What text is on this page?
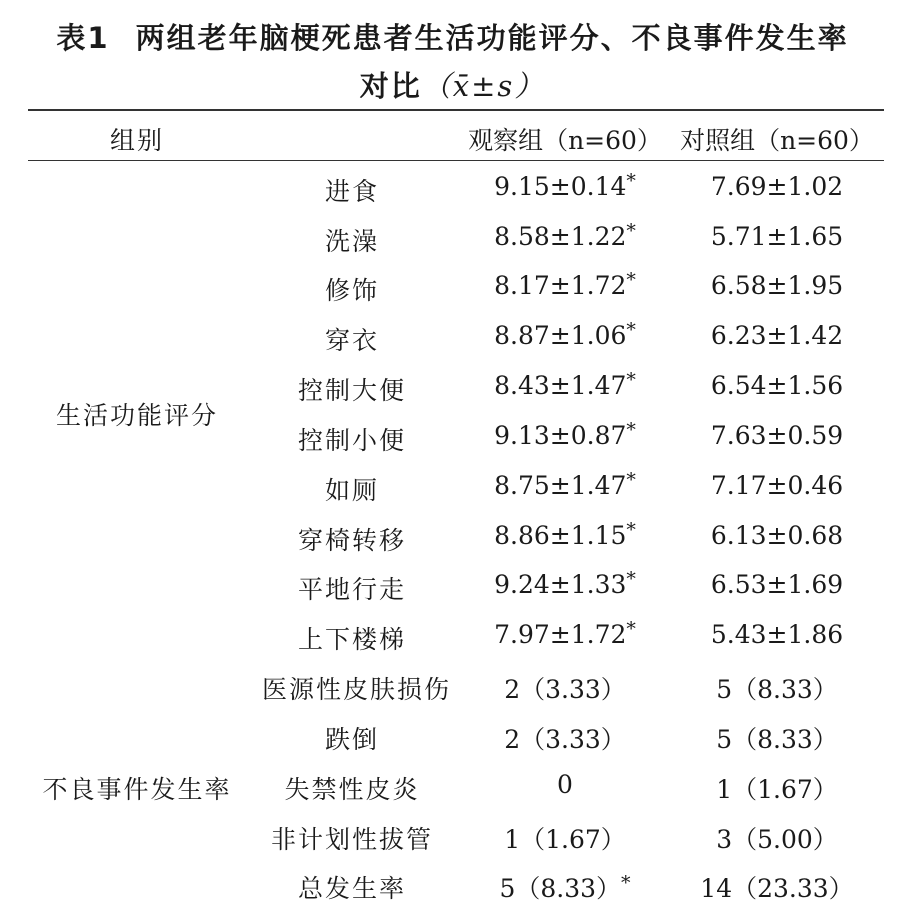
表1 两组老年脑梗死患者生活功能评分、不良事件发生率
对比（x̄±s）
组别	观察组（n=60） 对照组（n=60）
生活功能评分
进食	9.15±0.14*	7.69±1.02
洗澡	8.58±1.22*	5.71±1.65
修饰	8.17±1.72*	6.58±1.95
穿衣	8.87±1.06*	6.23±1.42
控制大便	8.43±1.47*	6.54±1.56
控制小便	9.13±0.87*	7.63±0.59
如厕	8.75±1.47*	7.17±0.46
穿椅转移	8.86±1.15*	6.13±0.68
平地行走	9.24±1.33*	6.53±1.69
上下楼梯	7.97±1.72*	5.43±1.86
不良事件发生率
医源性皮肤损伤	2（3.33）	5（8.33）
跌倒	2（3.33）	5（8.33）
失禁性皮炎	0	1（1.67）
非计划性拔管	1（1.67）	3（5.00）
总发生率	5（8.33）*	14（23.33）
